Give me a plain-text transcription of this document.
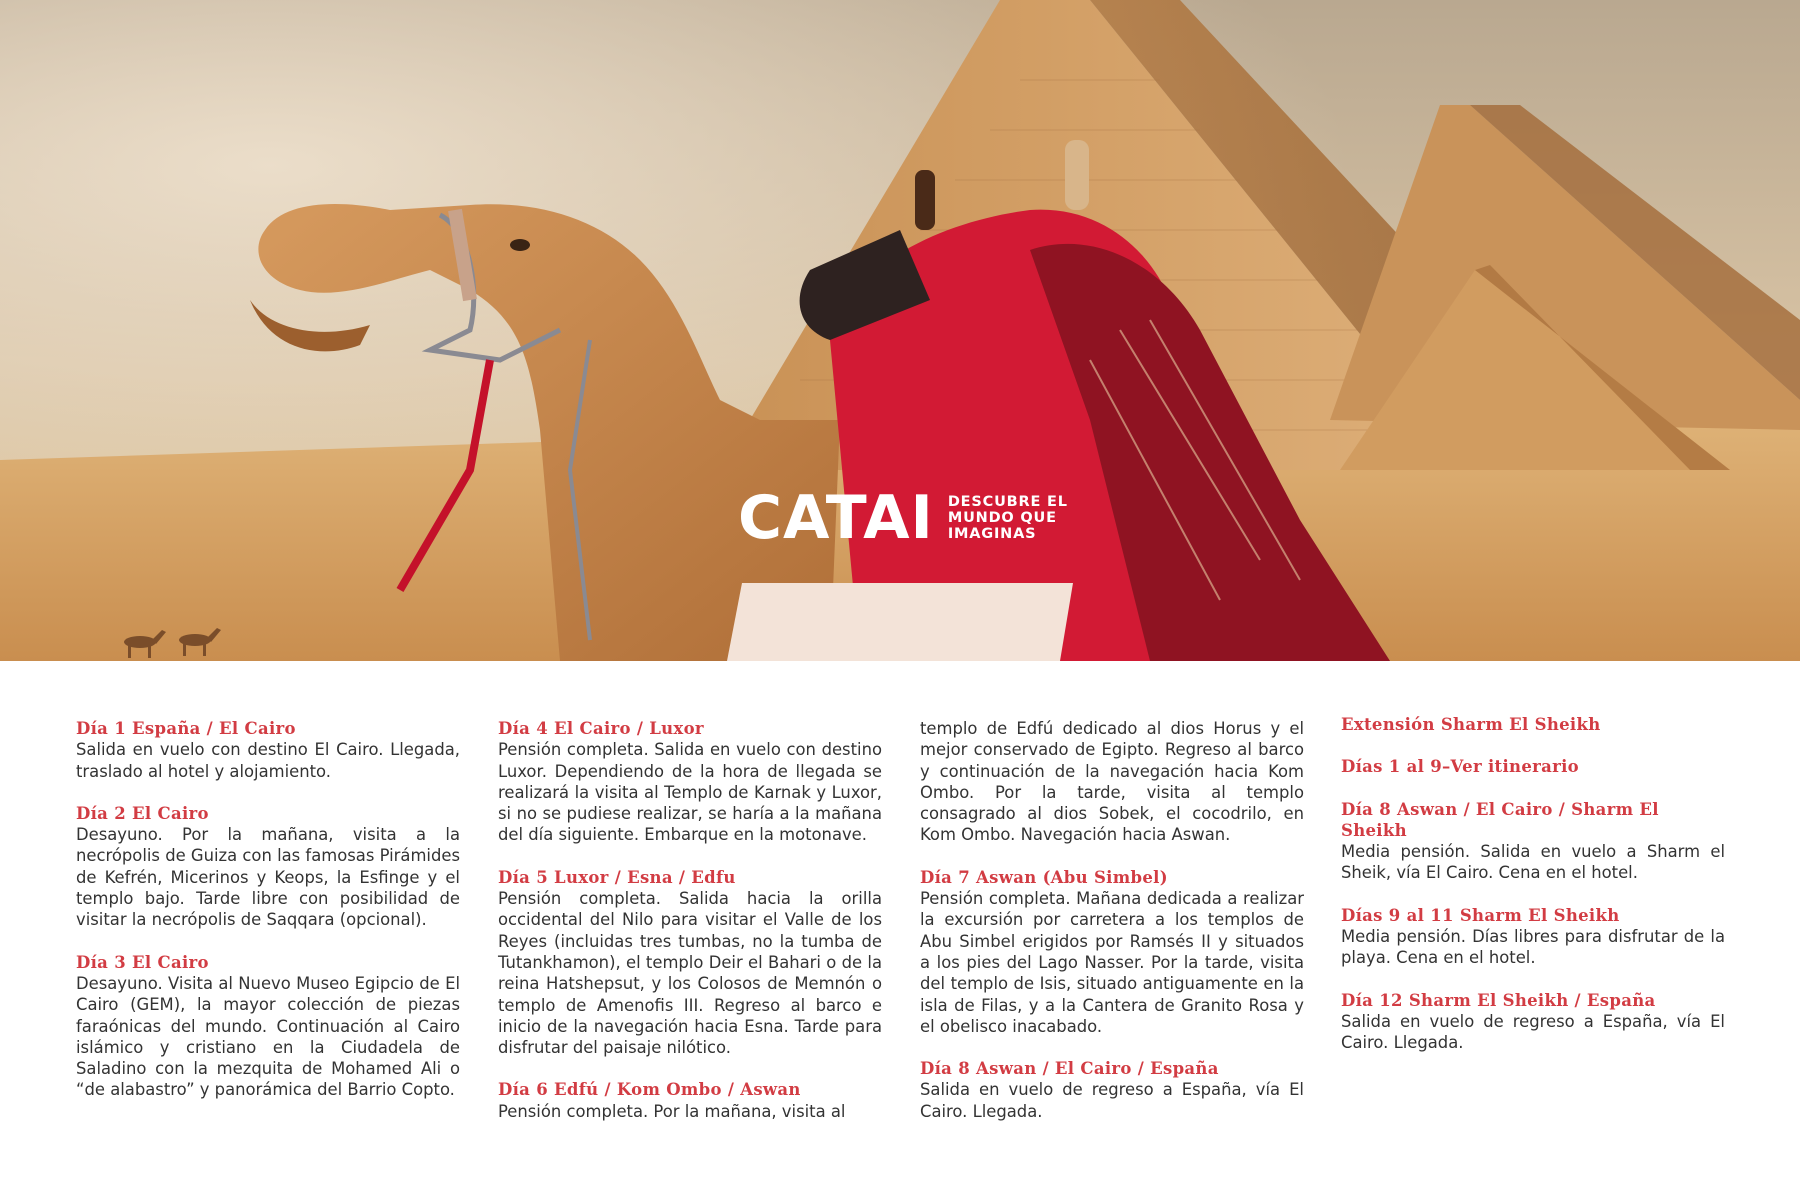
CATAI DESCUBRE EL
MUNDO QUE
IMAGINAS
Día 1 España / El Cairo

Salida en vuelo con destino El Cairo. Llegada, traslado al hotel y alojamiento.

Día 2 El Cairo

Desayuno. Por la mañana, visita a la necrópolis de Guiza con las famosas Pirámides de Kefrén, Micerinos y Keops, la Esfinge y el templo bajo. Tarde libre con posibilidad de visitar la necrópolis de Saqqara (opcional).

Día 3 El Cairo

Desayuno. Visita al Nuevo Museo Egipcio de El Cairo (GEM), la mayor colección de piezas faraónicas del mundo. Continuación al Cairo islámico y cristiano en la Ciudadela de Saladino con la mezquita de Mohamed Ali o “de alabastro” y panorámica del Barrio Copto.

Día 4 El Cairo / Luxor

Pensión completa. Salida en vuelo con destino Luxor. Dependiendo de la hora de llegada se realizará la visita al Templo de Karnak y Luxor, si no se pudiese realizar, se haría a la mañana del día siguiente. Embarque en la motonave.

Día 5 Luxor / Esna / Edfu

Pensión completa. Salida hacia la orilla occidental del Nilo para visitar el Valle de los Reyes (incluidas tres tumbas, no la tumba de Tutankhamon), el templo Deir el Bahari o de la reina Hatshepsut, y los Colosos de Memnón o templo de Amenofis III. Regreso al barco e inicio de la navegación hacia Esna. Tarde para disfrutar del paisaje nilótico.

Día 6 Edfú / Kom Ombo / Aswan

Pensión completa. Por la mañana, visita al

templo de Edfú dedicado al dios Horus y el mejor conservado de Egipto. Regreso al barco y continuación de la navegación hacia Kom Ombo. Por la tarde, visita al templo consagrado al dios Sobek, el cocodrilo, en Kom Ombo. Navegación hacia Aswan.

Día 7 Aswan (Abu Simbel)

Pensión completa. Mañana dedicada a realizar la excursión por carretera a los templos de Abu Simbel erigidos por Ramsés II y situados a los pies del Lago Nasser. Por la tarde, visita del templo de Isis, situado antiguamente en la isla de Filas, y a la Cantera de Granito Rosa y el obelisco inacabado.

Día 8 Aswan / El Cairo / España

Salida en vuelo de regreso a España, vía El Cairo. Llegada.

Extensión Sharm El Sheikh
Días 1 al 9–Ver itinerario
Día 8 Aswan / El Cairo / Sharm El Sheikh

Media pensión. Salida en vuelo a Sharm el Sheik, vía El Cairo. Cena en el hotel.

Días 9 al 11 Sharm El Sheikh

Media pensión. Días libres para disfrutar de la playa. Cena en el hotel.

Día 12 Sharm El Sheikh / España

Salida en vuelo de regreso a España, vía El Cairo. Llegada.
